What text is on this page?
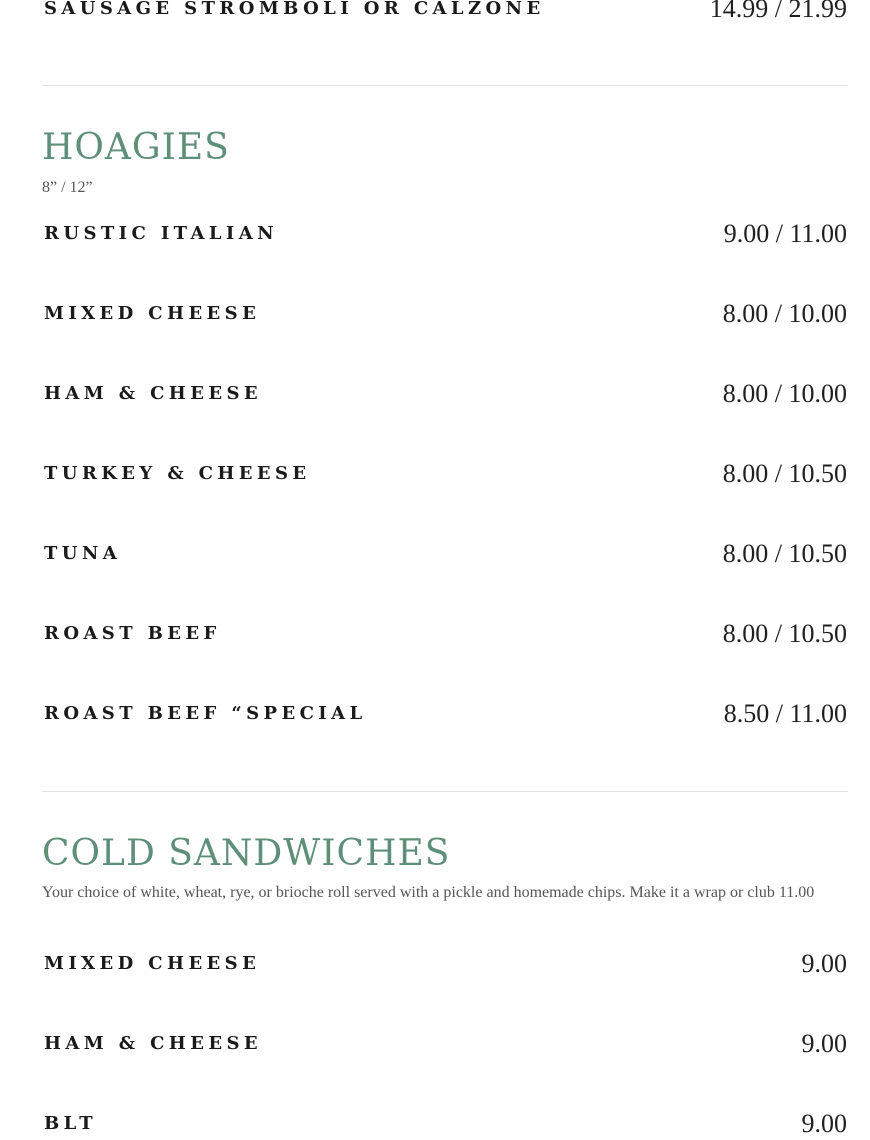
SAUSAGE STROMBOLI OR CALZONE	14.99 / 21.99
HOAGIES
8” / 12”
RUSTIC ITALIAN	9.00 / 11.00
MIXED CHEESE	8.00 / 10.00
HAM & CHEESE	8.00 / 10.00
TURKEY & CHEESE	8.00 / 10.50
TUNA	8.00 / 10.50
ROAST BEEF	8.00 / 10.50
ROAST BEEF “SPECIAL	8.50 / 11.00
COLD SANDWICHES
Your choice of white, wheat, rye, or brioche roll served with a pickle and homemade chips. Make it a wrap or club 11.00
MIXED CHEESE	9.00
HAM & CHEESE	9.00
BLT	9.00
